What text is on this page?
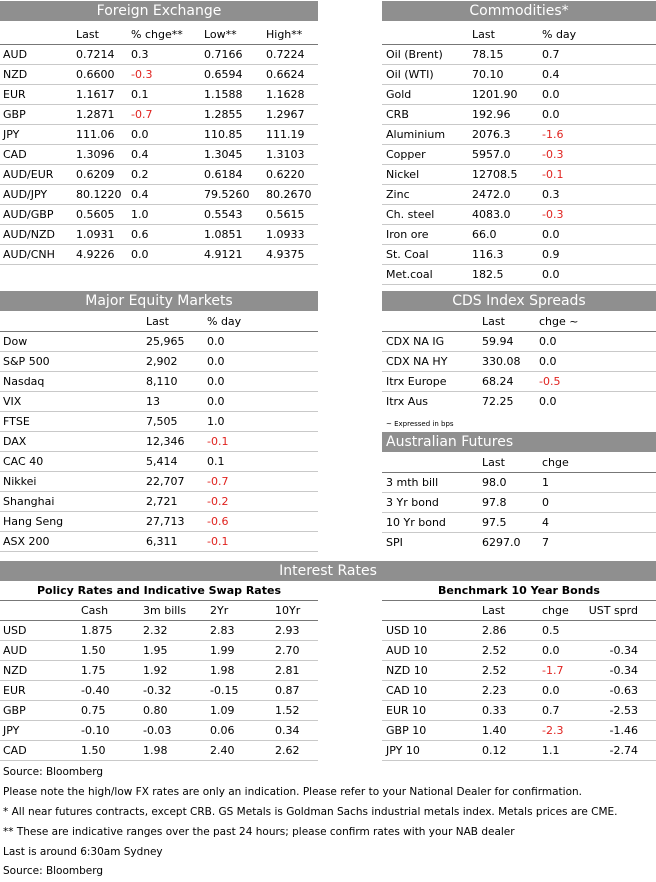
Foreign Exchange
Last	% chge** Low**	High**
AUD	0.7214 0.3	0.7166 0.7224
NZD	0.6600 -0.3	0.6594 0.6624
EUR	1.1617 0.1	1.1588 1.1628
GBP	1.2871 -0.7	1.2855 1.2967
JPY	111.06 0.0	110.85 111.19
CAD	1.3096 0.4	1.3045 1.3103
AUD/EUR 0.6209 0.2	0.6184 0.6220
AUD/JPY	80.1220 0.4	79.5260 80.2670
AUD/GBP 0.5605 1.0	0.5543 0.5615
AUD/NZD 1.0931 0.6	1.0851 1.0933
AUD/CNH 4.9226 0.0	4.9121 4.9375
Commodities*
Last	% day
Oil (Brent)	78.15	0.7
Oil (WTI)	70.10	0.4
Gold	1201.90 0.0
CRB	192.96	0.0
Aluminium 2076.3	-1.6
Copper	5957.0	-0.3
Nickel	12708.5 -0.1
Zinc	2472.0	0.3
Ch. steel	4083.0	-0.3
Iron ore	66.0	0.0
St. Coal	116.3	0.9
Met.coal	182.5	0.0
Major Equity Markets
Last	% day
Dow	25,965 0.0
S&P 500	2,902	0.0
Nasdaq	8,110	0.0
VIX	13	0.0
FTSE	7,505	1.0
DAX	12,346 -0.1
CAC 40	5,414	0.1
Nikkei	22,707 -0.7
Shanghai	2,721	-0.2
Hang Seng	27,713 -0.6
ASX 200	6,311	-0.1
CDS Index Spreads
Last	chge ~
CDX NA IG	59.94 0.0
CDX NA HY	330.08 0.0
Itrx Europe	68.24 -0.5
Itrx Aus	72.25 0.0
~ Expressed in bps
Australian Futures
Last	chge
3 mth bill	98.0	1
3 Yr bond	97.8	0
10 Yr bond	97.5	4
SPI	6297.0 7
Interest Rates
Policy Rates and Indicative Swap Rates	Benchmark 10 Year Bonds
Cash	3m bills 2Yr	10Yr
USD	1.875	2.32	2.83	2.93
AUD	1.50	1.95	1.99	2.70
NZD	1.75	1.92	1.98	2.81
EUR	-0.40	-0.32	-0.15	0.87
GBP	0.75	0.80	1.09	1.52
JPY	-0.10	-0.03	0.06	0.34
CAD	1.50	1.98	2.40	2.62
Last	chge UST sprd
USD 10	2.86	0.5
AUD 10	2.52	0.0	-0.34
NZD 10	2.52	-1.7	-0.34
CAD 10	2.23	0.0	-0.63
EUR 10	0.33	0.7	-2.53
GBP 10	1.40	-2.3	-1.46
JPY 10	0.12	1.1	-2.74
Source: Bloomberg
Please note the high/low FX rates are only an indication. Please refer to your National Dealer for confirmation.
* All near futures contracts, except CRB. GS Metals is Goldman Sachs industrial metals index. Metals prices are CME.
** These are indicative ranges over the past 24 hours; please confirm rates with your NAB dealer
Last is around 6:30am Sydney
Source: Bloomberg
